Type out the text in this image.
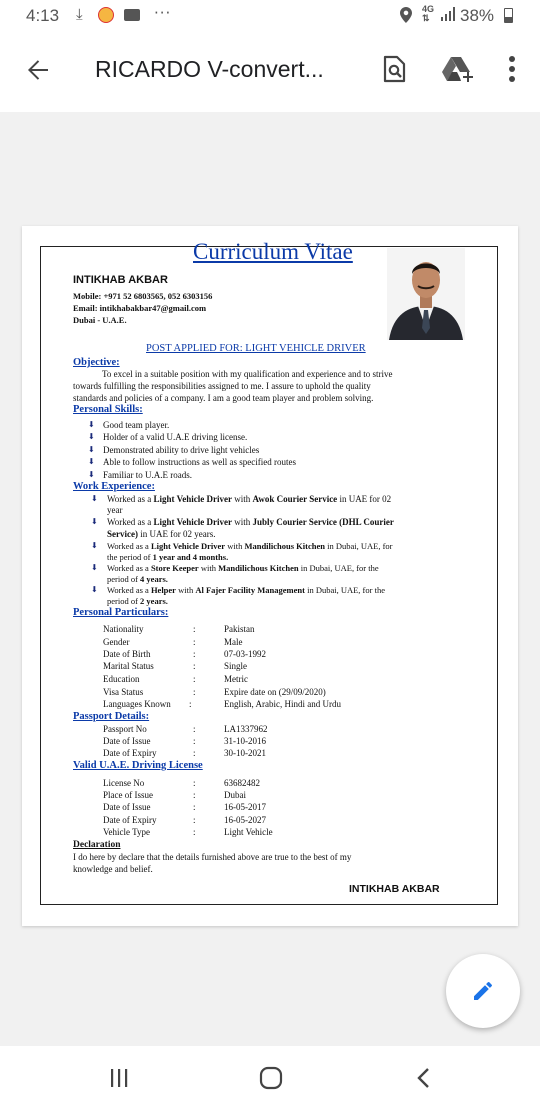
4:13 ⤓	···	4G
⇅ 38%
RICARDO V-convert...
Curriculum Vitae
INTIKHAB AKBAR
Mobile: +971 52 6803565, 052 6303156
Email: intikhabakbar47@gmail.com
Dubai - U.A.E.
POST APPLIED FOR: LIGHT VEHICLE DRIVER
Objective:
To excel in a suitable position with my qualification and experience and to strive
towards fulfilling the responsibilities assigned to me. I assure to uphold the quality
standards and policies of a company. I am a good team player and problem solving.
Personal Skills:
⬇ Good team player.
⬇ Holder of a valid U.A.E driving license.
⬇ Demonstrated ability to drive light vehicles
⬇ Able to follow instructions as well as specified routes
⬇ Familiar to U.A.E roads.
Work Experience:
⬇ Worked as a Light Vehicle Driver with Awok Courier Service in UAE for 02
year
⬇ Worked as a Light Vehicle Driver with Jubly Courier Service (DHL Courier
Service) in UAE for 02 years.
⬇ Worked as a Light Vehicle Driver with Mandilichous Kitchen in Dubai, UAE, for
the period of 1 year and 4 months.
⬇ Worked as a Store Keeper with Mandilichous Kitchen in Dubai, UAE, for the
period of 4 years.
⬇ Worked as a Helper with Al Fajer Facility Management in Dubai, UAE, for the
period of 2 years.
Personal Particulars:
Nationality	:	Pakistan
Gender	:	Male
Date of Birth	:	07-03-1992
Marital Status	:	Single
Education	:	Metric
Visa Status	:	Expire date on (29/09/2020)
Languages Known :	English, Arabic, Hindi and Urdu
Passport Details:
Passport No	:	LA1337962
Date of Issue	:	31-10-2016
Date of Expiry	:	30-10-2021
Valid U.A.E. Driving License
License No	:	63682482
Place of Issue	:	Dubai
Date of Issue	:	16-05-2017
Date of Expiry	:	16-05-2027
Vehicle Type	:	Light Vehicle
Declaration
I do here by declare that the details furnished above are true to the best of my
knowledge and belief.
INTIKHAB AKBAR
